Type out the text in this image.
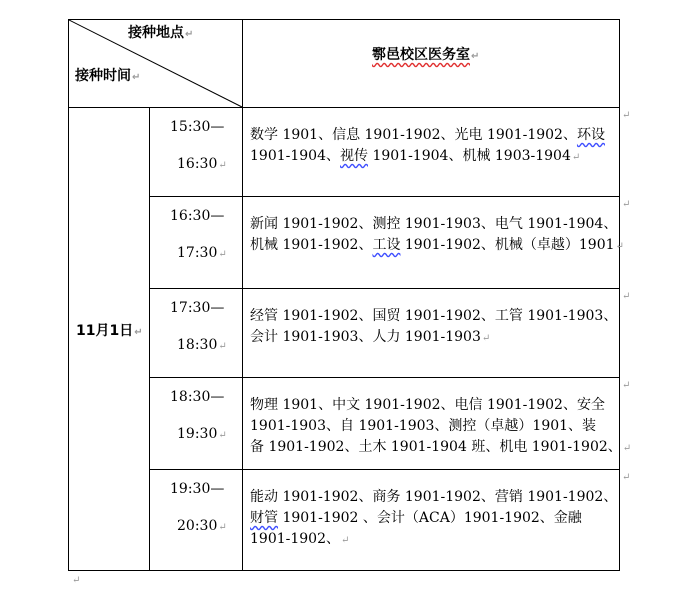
接种地点↵
接种时间↵
鄠邑校区医务室↵
11月1日↵
15:30—
16:30↵
数学 1901、信息 1901-1902、光电 1901-1902、环设
1901-1904、视传 1901-1904、机械 1903-1904↵
↵
16:30—
17:30↵
新闻 1901-1902、测控 1901-1903、电气 1901-1904、
机械 1901-1902、工设 1901-1902、机械（卓越）1901↵
↵
17:30—
18:30↵
经管 1901-1902、国贸 1901-1902、工管 1901-1903、
会计 1901-1903、人力 1901-1903↵
↵
18:30—
19:30↵
物理 1901、中文 1901-1902、电信 1901-1902、安全
1901-1903、自 1901-1903、测控（卓越）1901、装
备 1901-1902、土木 1901-1904 班、机电 1901-1902、↵
↵
19:30—
20:30↵
能动 1901-1902、商务 1901-1902、营销 1901-1902、
财管 1901-1902 、会计（ACA）1901-1902、金融
1901-1902、↵
↵
↵
